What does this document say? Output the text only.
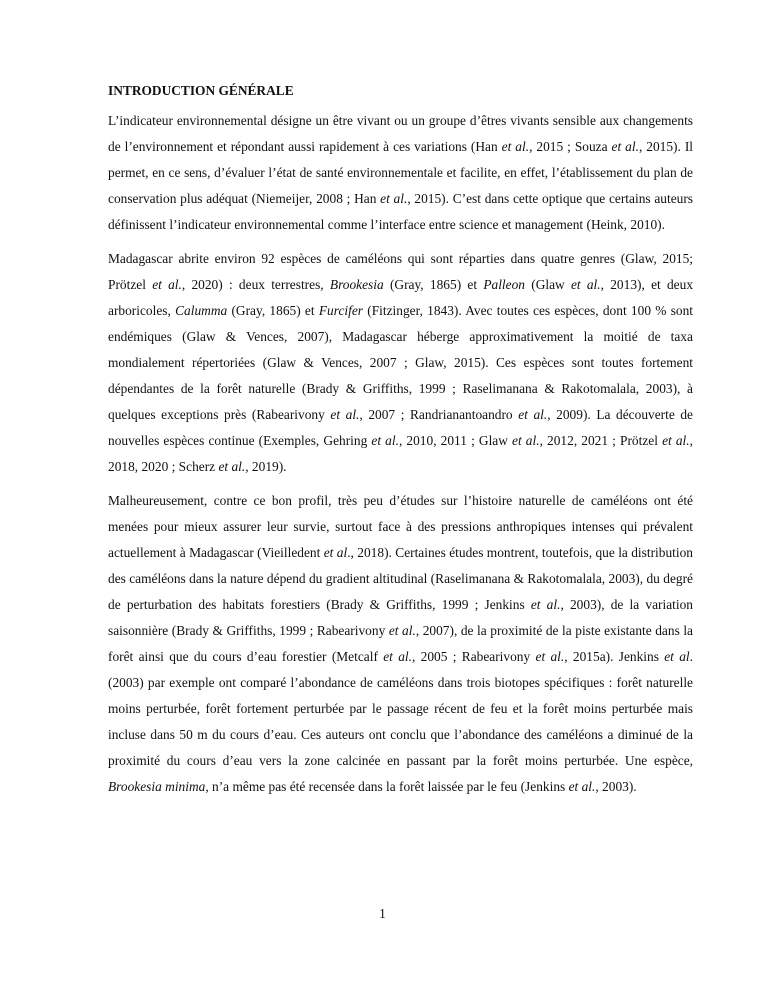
INTRODUCTION GÉNÉRALE

L’indicateur environnemental désigne un être vivant ou un groupe d’êtres vivants sensible aux changements de l’environnement et répondant aussi rapidement à ces variations (Han et al., 2015 ; Souza et al., 2015). Il permet, en ce sens, d’évaluer l’état de santé environnementale et facilite, en effet, l’établissement du plan de conservation plus adéquat (Niemeijer, 2008 ; Han et al., 2015). C’est dans cette optique que certains auteurs définissent l’indicateur environnemental comme l’interface entre science et management (Heink, 2010).

Madagascar abrite environ 92 espèces de caméléons qui sont réparties dans quatre genres (Glaw, 2015; Prötzel et al., 2020) : deux terrestres, Brookesia (Gray, 1865) et Palleon (Glaw et al., 2013), et deux arboricoles, Calumma (Gray, 1865) et Furcifer (Fitzinger, 1843). Avec toutes ces espèces, dont 100 % sont endémiques (Glaw & Vences, 2007), Madagascar héberge approximativement la moitié de taxa mondialement répertoriées (Glaw & Vences, 2007 ; Glaw, 2015). Ces espèces sont toutes fortement dépendantes de la forêt naturelle (Brady & Griffiths, 1999 ; Raselimanana & Rakotomalala, 2003), à quelques exceptions près (Rabearivony et al., 2007 ; Randrianantoandro et al., 2009). La découverte de nouvelles espèces continue (Exemples, Gehring et al., 2010, 2011 ; Glaw et al., 2012, 2021 ; Prötzel et al., 2018, 2020 ; Scherz et al., 2019).

Malheureusement, contre ce bon profil, très peu d’études sur l’histoire naturelle de caméléons ont été menées pour mieux assurer leur survie, surtout face à des pressions anthropiques intenses qui prévalent actuellement à Madagascar (Vieilledent et al., 2018). Certaines études montrent, toutefois, que la distribution des caméléons dans la nature dépend du gradient altitudinal (Raselimanana & Rakotomalala, 2003), du degré de perturbation des habitats forestiers (Brady & Griffiths, 1999 ; Jenkins et al., 2003), de la variation saisonnière (Brady & Griffiths, 1999 ; Rabearivony et al., 2007), de la proximité de la piste existante dans la forêt ainsi que du cours d’eau forestier (Metcalf et al., 2005 ; Rabearivony et al., 2015a). Jenkins et al. (2003) par exemple ont comparé l’abondance de caméléons dans trois biotopes spécifiques : forêt naturelle moins perturbée, forêt fortement perturbée par le passage récent de feu et la forêt moins perturbée mais incluse dans 50 m du cours d’eau. Ces auteurs ont conclu que l’abondance des caméléons a diminué de la proximité du cours d’eau vers la zone calcinée en passant par la forêt moins perturbée. Une espèce, Brookesia minima, n’a même pas été recensée dans la forêt laissée par le feu (Jenkins et al., 2003).

1
